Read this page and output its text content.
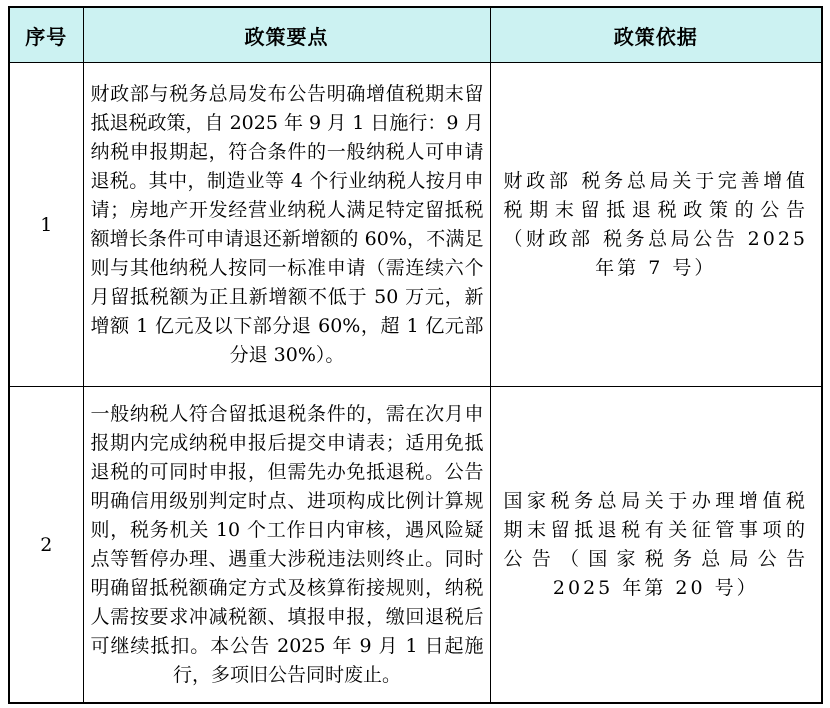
序号	政策要点	政策依据
1	财政部与税务总局发布公告明确增值税期末留抵退税政策，自 2025 年 9 月 1 日施行：9 月纳税申报期起，符合条件的一般纳税人可申请退税。其中，制造业等 4 个行业纳税人按月申请；房地产开发经营业纳税人满足特定留抵税额增长条件可申请退还新增额的 60%，不满足则与其他纳税人按同一标准申请（需连续六个月留抵税额为正且新增额不低于 50 万元，新增额 1 亿元及以下部分退 60%，超 1 亿元部分退 30%）。	财政部 税务总局关于完善增值税期末留抵退税政策的公告（财政部 税务总局公告 2025 年第 7 号）
2	一般纳税人符合留抵退税条件的，需在次月申报期内完成纳税申报后提交申请表；适用免抵退税的可同时申报，但需先办免抵退税。公告明确信用级别判定时点、进项构成比例计算规则，税务机关 10 个工作日内审核，遇风险疑点等暂停办理、遇重大涉税违法则终止。同时明确留抵税额确定方式及核算衔接规则，纳税人需按要求冲减税额、填报申报，缴回退税后可继续抵扣。本公告 2025 年 9 月 1 日起施行，多项旧公告同时废止。	国家税务总局关于办理增值税期末留抵退税有关征管事项的公告（国家税务总局公告 2025 年第 20 号）
